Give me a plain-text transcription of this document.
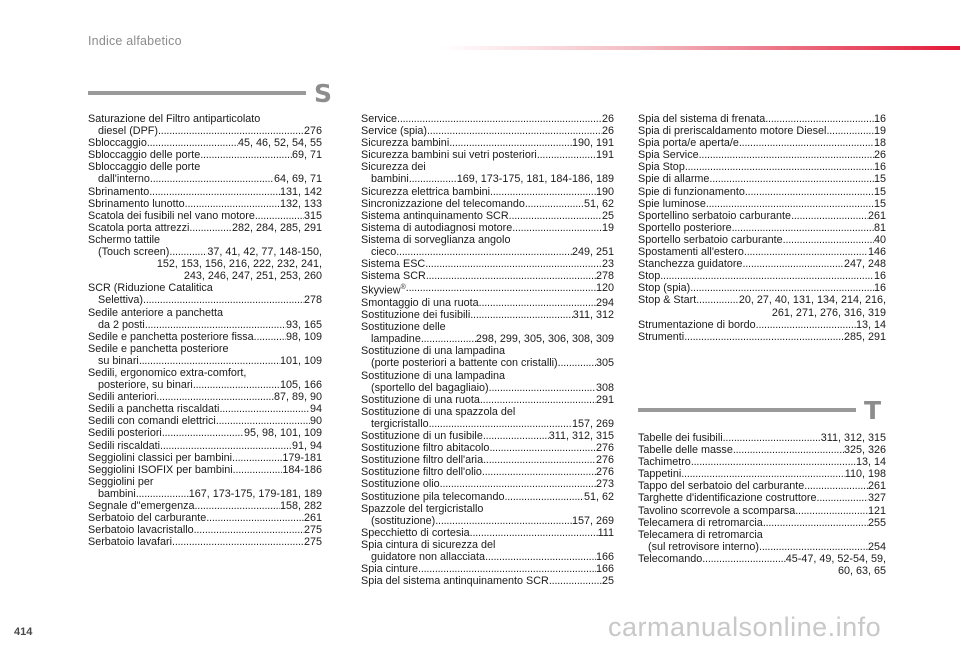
Indice alfabetico
S
T
Saturazione del Filtro antiparticolato
diesel (DPF) . . .	276
Sbloccaggio . . .	45, 46, 52, 54, 55
Sbloccaggio delle porte . . .	69, 71
Sbloccaggio delle porte
dall'interno . . .	64, 69, 71
Sbrinamento . . .	131, 142
Sbrinamento lunotto . . .	132, 133
Scatola dei fusibili nel vano motore . . .	315
Scatola porta attrezzi . . .	282, 284, 285, 291
Schermo tattile
(Touch screen) . . .	37, 41, 42, 77, 148-150,
152, 153, 156, 216, 222, 232, 241,
243, 246, 247, 251, 253, 260
SCR (Riduzione Catalitica
Selettiva) . . .	278
Sedile anteriore a panchetta
da 2 posti . . .	93, 165
Sedile e panchetta posteriore fissa . . .	98, 109
Sedile e panchetta posteriore
su binari . . .	101, 109
Sedili, ergonomico extra-comfort,
posteriore, su binari . . .	105, 166
Sedili anteriori . . .	87, 89, 90
Sedili a panchetta riscaldati . . .	94
Sedili con comandi elettrici . . .	90
Sedili posteriori . . .	95, 98, 101, 109
Sedili riscaldati . . .	91, 94
Seggiolini classici per bambini . . .	179-181
Seggiolini ISOFIX per bambini . . .	184-186
Seggiolini per
bambini . . .	167, 173-175, 179-181, 189
Segnale d"emergenza . . .	158, 282
Serbatoio del carburante . . .	261
Serbatoio lavacristallo . . .	275
Serbatoio lavafari . . .	275
Service . . .	26
Service (spia) . . .	26
Sicurezza bambini . . .	190, 191
Sicurezza bambini sui vetri posteriori . . .	191
Sicurezza dei
bambini . . .	169, 173-175, 181, 184-186, 189
Sicurezza elettrica bambini . . .	190
Sincronizzazione del telecomando . . .	51, 62
Sistema antinquinamento SCR . . .	25
Sistema di autodiagnosi motore . . .	19
Sistema di sorveglianza angolo
cieco . . .	249, 251
Sistema ESC . . .	23
Sistema SCR . . .	278
Skyview® . . .	120
Smontaggio di una ruota . . .	294
Sostituzione dei fusibili . . .	311, 312
Sostituzione delle
lampadine . . .	298, 299, 305, 306, 308, 309
Sostituzione di una lampadina
(porte posteriori a battente con cristalli) . . .	305
Sostituzione di una lampadina
(sportello del bagagliaio) . . .	308
Sostituzione di una ruota . . .	291
Sostituzione di una spazzola del
tergicristallo . . .	157, 269
Sostituzione di un fusibile . . .	311, 312, 315
Sostituzione filtro abitacolo . . .	276
Sostituzione filtro dell'aria . . .	276
Sostituzione filtro dell'olio . . .	276
Sostituzione olio . . .	273
Sostituzione pila telecomando . . .	51, 62
Spazzole del tergicristallo
(sostituzione) . . .	157, 269
Specchietto di cortesia . . .	111
Spia cintura di sicurezza del
guidatore non allacciata . . .	166
Spia cinture . . .	166
Spia del sistema antinquinamento SCR . . .	25
Spia del sistema di frenata . . .	16
Spia di preriscaldamento motore Diesel . . .	19
Spia porta/e aperta/e . . .	18
Spia Service . . .	26
Spia Stop . . .	16
Spie di allarme . . .	15
Spie di funzionamento . . .	15
Spie luminose . . .	15
Sportellino serbatoio carburante . . .	261
Sportello posteriore . . .	81
Sportello serbatoio carburante . . .	40
Spostamenti all'estero . . .	146
Stanchezza guidatore . . .	247, 248
Stop . . .	16
Stop (spia) . . .	16
Stop & Start . . .	20, 27, 40, 131, 134, 214, 216,
261, 271, 276, 316, 319
Strumentazione di bordo . . .	13, 14
Strumenti . . .	285, 291
Tabelle dei fusibili . . .	311, 312, 315
Tabelle delle masse . . .	325, 326
Tachimetro . . .	13, 14
Tappetini . . .	110, 198
Tappo del serbatoio del carburante . . .	261
Targhette d'identificazione costruttore . . .	327
Tavolino scorrevole a scomparsa . . .	121
Telecamera di retromarcia . . .	255
Telecamera di retromarcia
(sul retrovisore interno) . . .	254
Telecomando . . .	45-47, 49, 52-54, 59,
60, 63, 65
414	carmanualsonline.info
